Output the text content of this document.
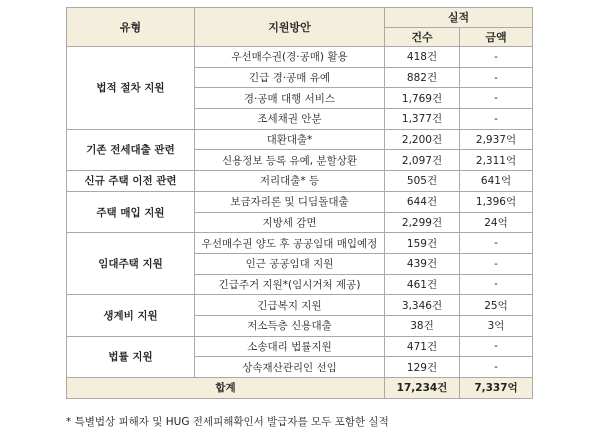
유형	지원방안	실적	
		건수	금액
법적 절차 지원	우선매수권(경·공매) 활용	418건	-
	긴급 경·공매 유예	882건	-
	경·공매 대행 서비스	1,769건	-
	조세채권 안분	1,377건	-
기존 전세대출 관련	대환대출*	2,200건	2,937억
	신용정보 등록 유예, 분할상환	2,097건	2,311억
신규 주택 이전 관련	저리대출* 등	505건	641억
주택 매입 지원	보금자리론 및 디딤돌대출	644건	1,396억
	지방세 감면	2,299건	24억
임대주택 지원	우선매수권 양도 후 공공임대 매입예정	159건	-
	인근 공공임대 지원	439건	-
	긴급주거 지원*(임시거처 제공)	461건	-
생계비 지원	긴급복지 지원	3,346건	25억
	저소득층 신용대출	38건	3억
법률 지원	소송대리 법률지원	471건	-
	상속재산관리인 선임	129건	-
합계		17,234건	7,337억
* 특별법상 피해자 및 HUG 전세피해확인서 발급자를 모두 포함한 실적
